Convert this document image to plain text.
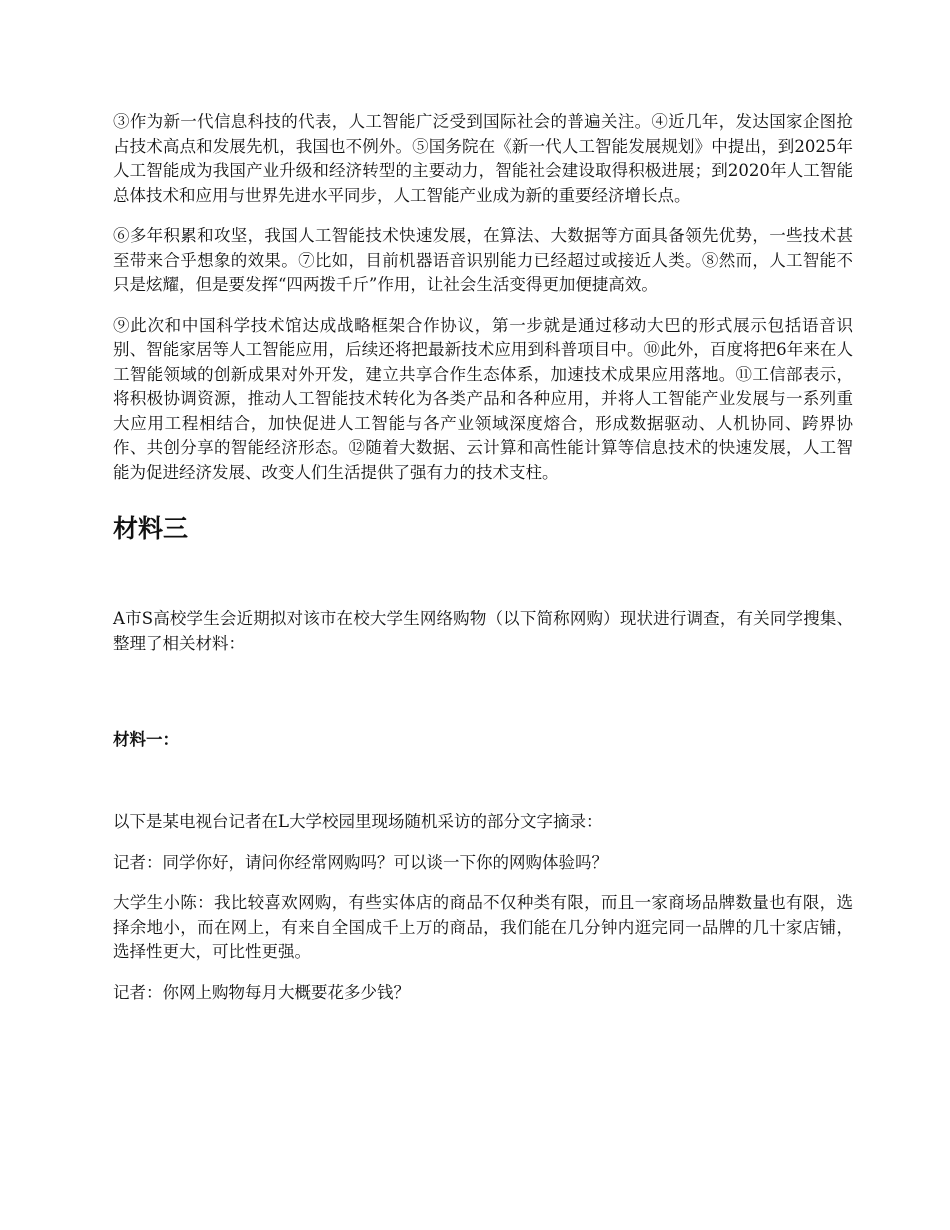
③作为新一代信息科技的代表，人工智能广泛受到国际社会的普遍关注。④近几年，发达国家企图抢占技术高点和发展先机，我国也不例外。⑤国务院在《新一代人工智能发展规划》中提出，到2025年人工智能成为我国产业升级和经济转型的主要动力，智能社会建设取得积极进展；到2020年人工智能总体技术和应用与世界先进水平同步，人工智能产业成为新的重要经济增长点。

⑥多年积累和攻坚，我国人工智能技术快速发展，在算法、大数据等方面具备领先优势，一些技术甚至带来合乎想象的效果。⑦比如，目前机器语音识别能力已经超过或接近人类。⑧然而，人工智能不只是炫耀，但是要发挥“四两拨千斤”作用，让社会生活变得更加便捷高效。

⑨此次和中国科学技术馆达成战略框架合作协议，第一步就是通过移动大巴的形式展示包括语音识别、智能家居等人工智能应用，后续还将把最新技术应用到科普项目中。⑩此外，百度将把6年来在人工智能领域的创新成果对外开发，建立共享合作生态体系，加速技术成果应用落地。⑪工信部表示，将积极协调资源，推动人工智能技术转化为各类产品和各种应用，并将人工智能产业发展与一系列重大应用工程相结合，加快促进人工智能与各产业领域深度熔合，形成数据驱动、人机协同、跨界协作、共创分享的智能经济形态。⑫随着大数据、云计算和高性能计算等信息技术的快速发展，人工智能为促进经济发展、改变人们生活提供了强有力的技术支柱。

材料三

A市S高校学生会近期拟对该市在校大学生网络购物（以下简称网购）现状进行调查，有关同学搜集、整理了相关材料：

材料一：

以下是某电视台记者在L大学校园里现场随机采访的部分文字摘录：

记者：同学你好，请问你经常网购吗？可以谈一下你的网购体验吗？

大学生小陈：我比较喜欢网购，有些实体店的商品不仅种类有限，而且一家商场品牌数量也有限，选择余地小，而在网上，有来自全国成千上万的商品，我们能在几分钟内逛完同一品牌的几十家店铺，选择性更大，可比性更强。

记者：你网上购物每月大概要花多少钱？
